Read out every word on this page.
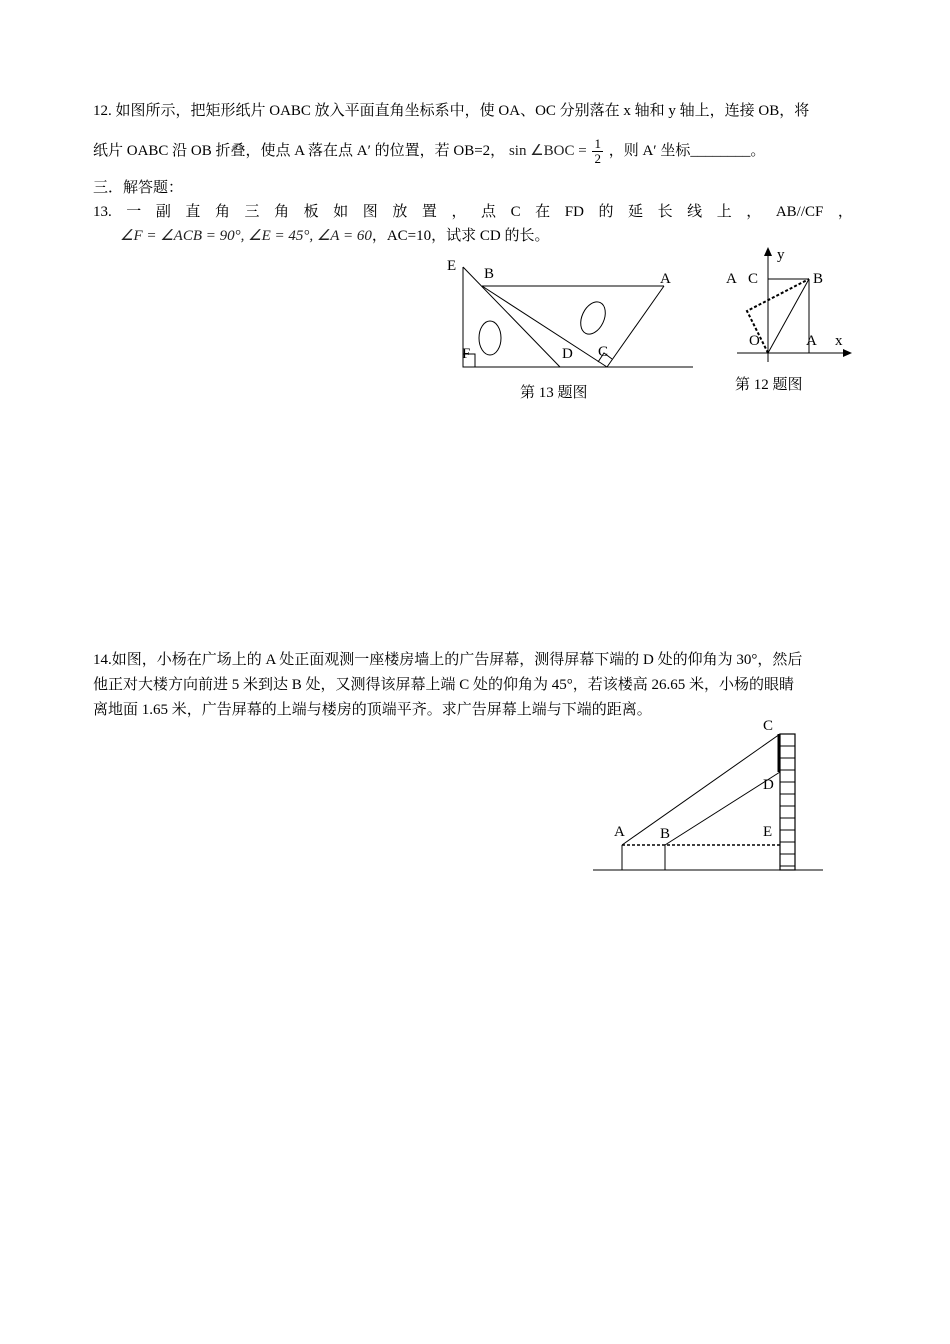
12. 如图所示，把矩形纸片 OABC 放入平面直角坐标系中，使 OA、OC 分别落在 x 轴和 y 轴上，连接 OB，将
纸片 OABC 沿 OB 折叠，使点 A 落在点 A′ 的位置，若 OB=2， sin ∠BOC = $\frac{1}{2}$ ，则 A′ 坐标________。
三．解答题：
13. 一 副 直 角 三 角 板 如 图 放 置 ， 点 C 在 FD 的 延 长 线 上 ， AB//CF ，
∠F = ∠ACB = 90°, ∠E = 45°, ∠A = 60，AC=10，试求 CD 的长。
E B	A
F	D C
第 13 题图
y
A C	B
O	A x
第 12 题图
14.如图，小杨在广场上的 A 处正面观测一座楼房墙上的广告屏幕，测得屏幕下端的 D 处的仰角为 30°，然后
他正对大楼方向前进 5 米到达 B 处，又测得该屏幕上端 C 处的仰角为 45°，若该楼高 26.65 米，小杨的眼睛
离地面 1.65 米，广告屏幕的上端与楼房的顶端平齐。求广告屏幕上端与下端的距离。
C
D
A B	E
